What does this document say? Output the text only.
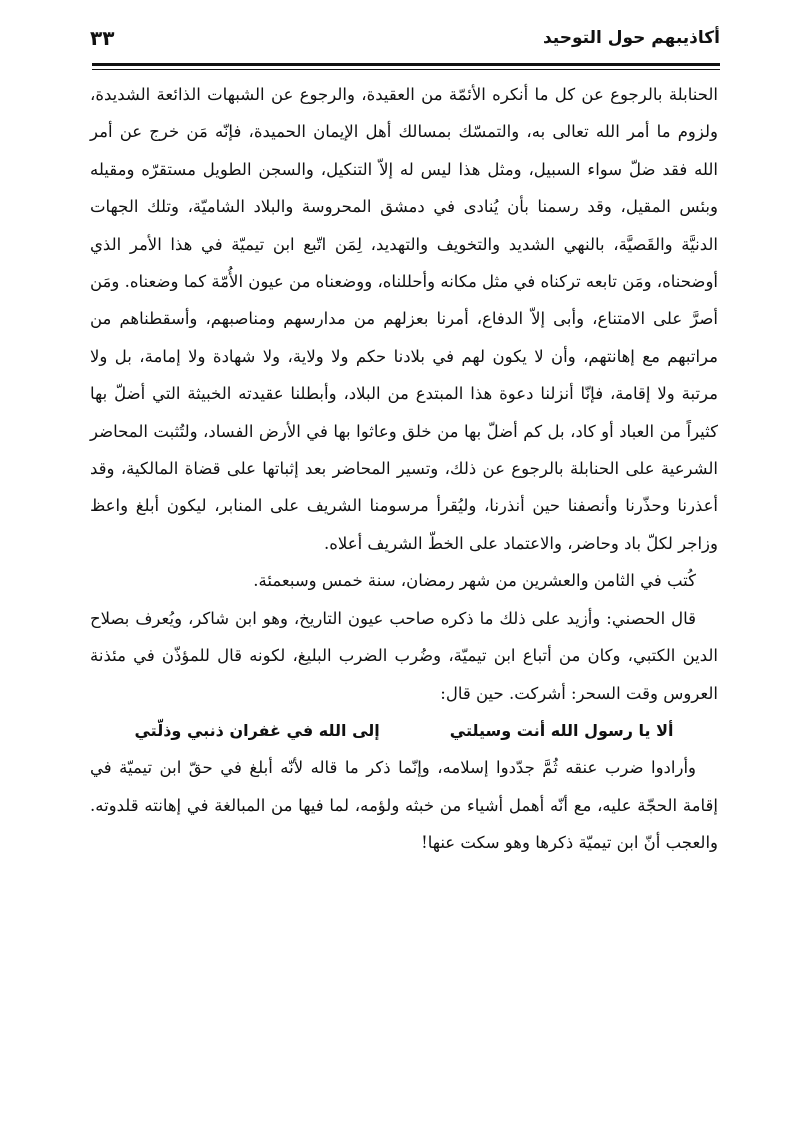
أكاذيبهم حول التوحيد
٣٣

الحنابلة بالرجوع عن كل ما أنكره الأئمّة من العقيدة، والرجوع عن الشبهات الذائعة الشديدة، ولزوم ما أمر الله تعالى به، والتمسّك بمسالك أهل الإيمان الحميدة، فإنّه مَن خرج عن أمر الله فقد ضلّ سواء السبيل، ومثل هذا ليس له إلاّ التنكيل، والسجن الطويل مستقرّه ومقيله وبئس المقيل، وقد رسمنا بأن يُنادى في دمشق المحروسة والبلاد الشاميّة، وتلك الجهات الدنيَّة والقَصيَّة، بالنهي الشديد والتخويف والتهديد، لِمَن اتّبع ابن تيميّة في هذا الأمر الذي أوضحناه، ومَن تابعه تركناه في مثل مكانه وأحللناه، ووضعناه من عيون الأُمّة كما وضعناه. ومَن أصرَّ على الامتناع، وأبى إلاّ الدفاع، أمرنا بعزلهم من مدارسهم ومناصبهم، وأسقطناهم من مراتبهم مع إهانتهم، وأن لا يكون لهم في بلادنا حكم ولا ولاية، ولا شهادة ولا إمامة، بل ولا مرتبة ولا إقامة، فإنّا أنزلنا دعوة هذا المبتدع من البلاد، وأبطلنا عقيدته الخبيثة التي أضلّ بها كثيراً من العباد أو كاد، بل كم أضلّ بها من خلق وعاثوا بها في الأرض الفساد، ولتُثبت المحاضر الشرعية على الحنابلة بالرجوع عن ذلك، وتسير المحاضر بعد إثباتها على قضاة المالكية، وقد أعذرنا وحذّرنا وأنصفنا حين أنذرنا، وليُقرأ مرسومنا الشريف على المنابر، ليكون أبلغ واعظ وزاجر لكلّ باد وحاضر، والاعتماد على الخطّ الشريف أعلاه.

كُتب في الثامن والعشرين من شهر رمضان، سنة خمس وسبعمئة.

قال الحصني: وأزيد على ذلك ما ذكره صاحب عيون التاريخ، وهو ابن شاكر، ويُعرف بصلاح الدين الكتبي، وكان من أتباع ابن تيميّة، وضُرب الضرب البليغ، لكونه قال للمؤذّن في مئذنة العروس وقت السحر: أشركت. حين قال:

ألا يا رسول الله أنت وسيلتي
إلى الله في غفران ذنبي وذلّتي

وأرادوا ضرب عنقه ثُمَّ جدّدوا إسلامه، وإنّما ذكر ما قاله لأنّه أبلغ في حقّ ابن تيميّة في إقامة الحجّة عليه، مع أنّه أهمل أشياء من خبثه ولؤمه، لما فيها من المبالغة في إهانته قلدوته. والعجب أنّ ابن تيميّة ذكرها وهو سكت عنها!
